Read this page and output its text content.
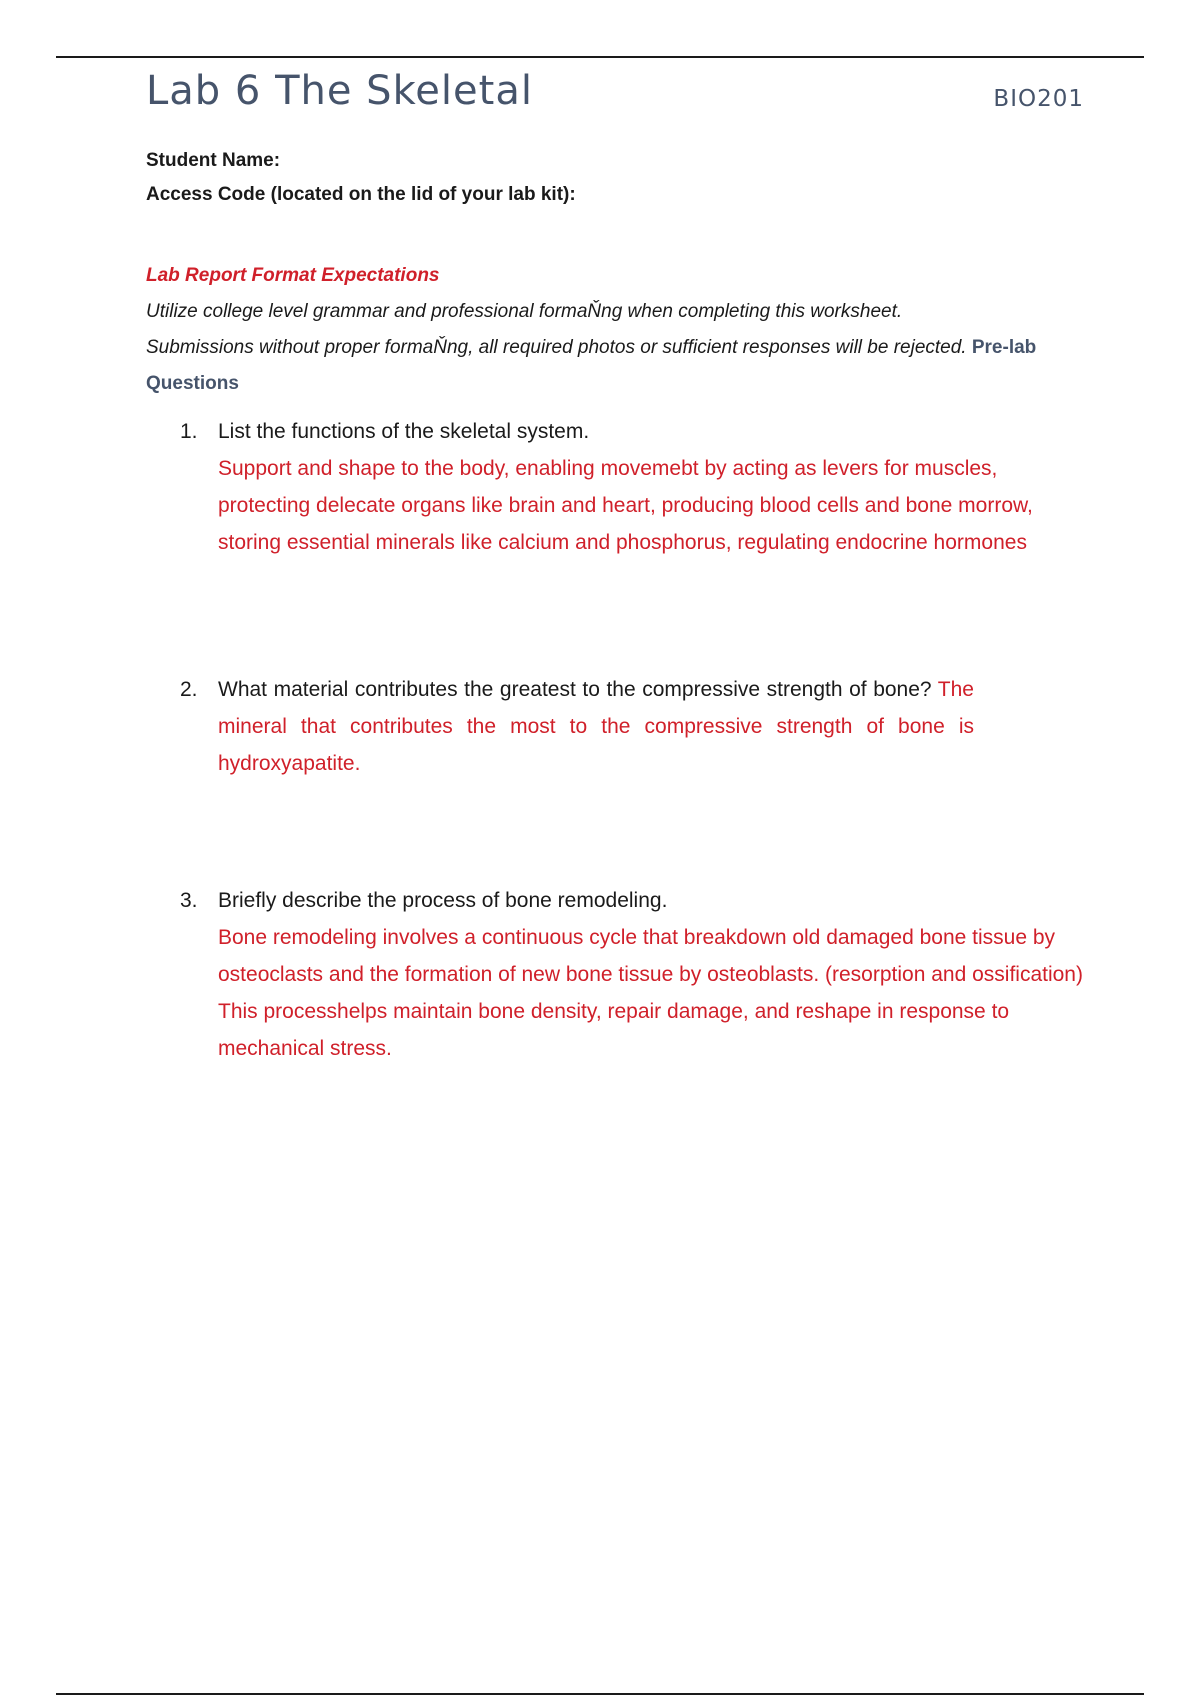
Lab 6 The Skeletal	BIO201
Student Name:
Access Code (located on the lid of your lab kit):
Lab Report Format Expectations
Utilize college level grammar and professional formaŇng when completing this worksheet.
Submissions without proper formaŇng, all required photos or sufficient responses will be rejected. Pre-lab Questions
1. List the functions of the skeletal system.
Support and shape to the body, enabling movemebt by acting as levers for muscles, protecting delecate organs like brain and heart, producing blood cells and bone morrow, storing essential minerals like calcium and phosphorus, regulating endocrine hormones
2. What material contributes the greatest to the compressive strength of bone? The mineral that contributes the most to the compressive strength of bone is hydroxyapatite.
3. Briefly describe the process of bone remodeling.
Bone remodeling involves a continuous cycle that breakdown old damaged bone tissue by osteoclasts and the formation of new bone tissue by osteoblasts. (resorption and ossification) This processhelps maintain bone density, repair damage, and reshape in response to mechanical stress.
